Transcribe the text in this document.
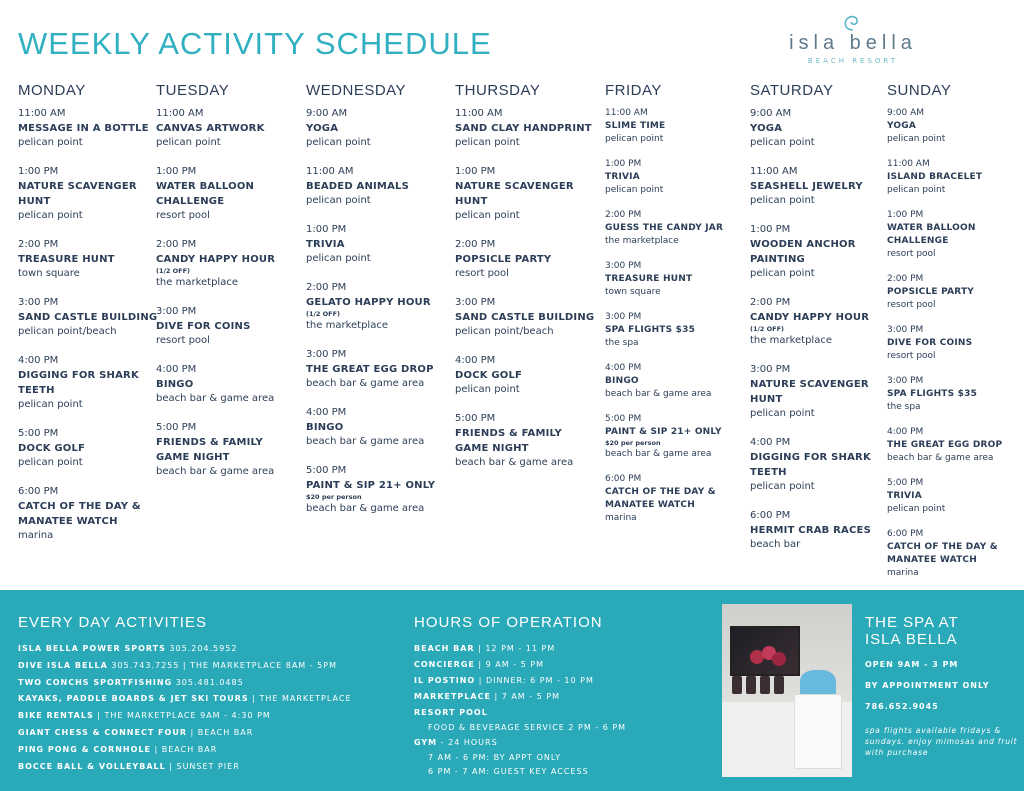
WEEKLY ACTIVITY SCHEDULE	isla bella
BEACH RESORT
MONDAY
11:00 AM
MESSAGE IN A BOTTLE
pelican point
1:00 PM
NATURE SCAVENGER HUNT
pelican point
2:00 PM
TREASURE HUNT
town square
3:00 PM
SAND CASTLE BUILDING
pelican point/beach
4:00 PM
DIGGING FOR SHARK TEETH
pelican point
5:00 PM
DOCK GOLF
pelican point
6:00 PM
CATCH OF THE DAY & MANATEE WATCH
marina
TUESDAY
11:00 AM
CANVAS ARTWORK
pelican point
1:00 PM
WATER BALLOON CHALLENGE
resort pool
2:00 PM
CANDY HAPPY HOUR
(1/2 OFF)
the marketplace
3:00 PM
DIVE FOR COINS
resort pool
4:00 PM
BINGO
beach bar & game area
5:00 PM
FRIENDS & FAMILY GAME NIGHT
beach bar & game area
WEDNESDAY
9:00 AM
YOGA
pelican point
11:00 AM
BEADED ANIMALS
pelican point
1:00 PM
TRIVIA
pelican point
2:00 PM
GELATO HAPPY HOUR
(1/2 OFF)
the marketplace
3:00 PM
THE GREAT EGG DROP
beach bar & game area
4:00 PM
BINGO
beach bar & game area
5:00 PM
PAINT & SIP 21+ ONLY
$20 per person
beach bar & game area
THURSDAY
11:00 AM
SAND CLAY HANDPRINT
pelican point
1:00 PM
NATURE SCAVENGER HUNT
pelican point
2:00 PM
POPSICLE PARTY
resort pool
3:00 PM
SAND CASTLE BUILDING
pelican point/beach
4:00 PM
DOCK GOLF
pelican point
5:00 PM
FRIENDS & FAMILY GAME NIGHT
beach bar & game area
FRIDAY
11:00 AM
SLIME TIME
pelican point
1:00 PM
TRIVIA
pelican point
2:00 PM
GUESS THE CANDY JAR
the marketplace
3:00 PM
TREASURE HUNT
town square
3:00 PM
SPA FLIGHTS $35
the spa
4:00 PM
BINGO
beach bar & game area
5:00 PM
PAINT & SIP 21+ ONLY
$20 per person
beach bar & game area
6:00 PM
CATCH OF THE DAY & MANATEE WATCH
marina
SATURDAY
9:00 AM
YOGA
pelican point
11:00 AM
SEASHELL JEWELRY
pelican point
1:00 PM
WOODEN ANCHOR PAINTING
pelican point
2:00 PM
CANDY HAPPY HOUR
(1/2 OFF)
the marketplace
3:00 PM
NATURE SCAVENGER HUNT
pelican point
4:00 PM
DIGGING FOR SHARK TEETH
pelican point
6:00 PM
HERMIT CRAB RACES
beach bar
SUNDAY
9:00 AM
YOGA
pelican point
11:00 AM
ISLAND BRACELET
pelican point
1:00 PM
WATER BALLOON CHALLENGE
resort pool
2:00 PM
POPSICLE PARTY
resort pool
3:00 PM
DIVE FOR COINS
resort pool
3:00 PM
SPA FLIGHTS $35
the spa
4:00 PM
THE GREAT EGG DROP
beach bar & game area
5:00 PM
TRIVIA
pelican point
6:00 PM
CATCH OF THE DAY & MANATEE WATCH
marina
EVERY DAY ACTIVITIES
ISLA BELLA POWER SPORTS 305.204.5952
DIVE ISLA BELLA 305.743.7255 | THE MARKETPLACE 8AM - 5PM
TWO CONCHS SPORTFISHING 305.481.0485
KAYAKS, PADDLE BOARDS & JET SKI TOURS | THE MARKETPLACE
BIKE RENTALS | THE MARKETPLACE 9AM - 4:30 PM
GIANT CHESS & CONNECT FOUR | BEACH BAR
PING PONG & CORNHOLE | BEACH BAR
BOCCE BALL & VOLLEYBALL | SUNSET PIER
HOURS OF OPERATION
BEACH BAR | 12 PM - 11 PM
CONCIERGE | 9 AM - 5 PM
IL POSTINO | DINNER: 6 PM - 10 PM
MARKETPLACE | 7 AM - 5 PM
RESORT POOL
FOOD & BEVERAGE SERVICE 2 PM - 6 PM
GYM - 24 HOURS
7 AM - 6 PM: BY APPT ONLY
6 PM - 7 AM: GUEST KEY ACCESS
THE SPA AT
ISLA BELLA
OPEN 9AM - 3 PM
BY APPOINTMENT ONLY
786.652.9045
spa flights available fridays & sundays. enjoy mimosas and fruit with purchase
